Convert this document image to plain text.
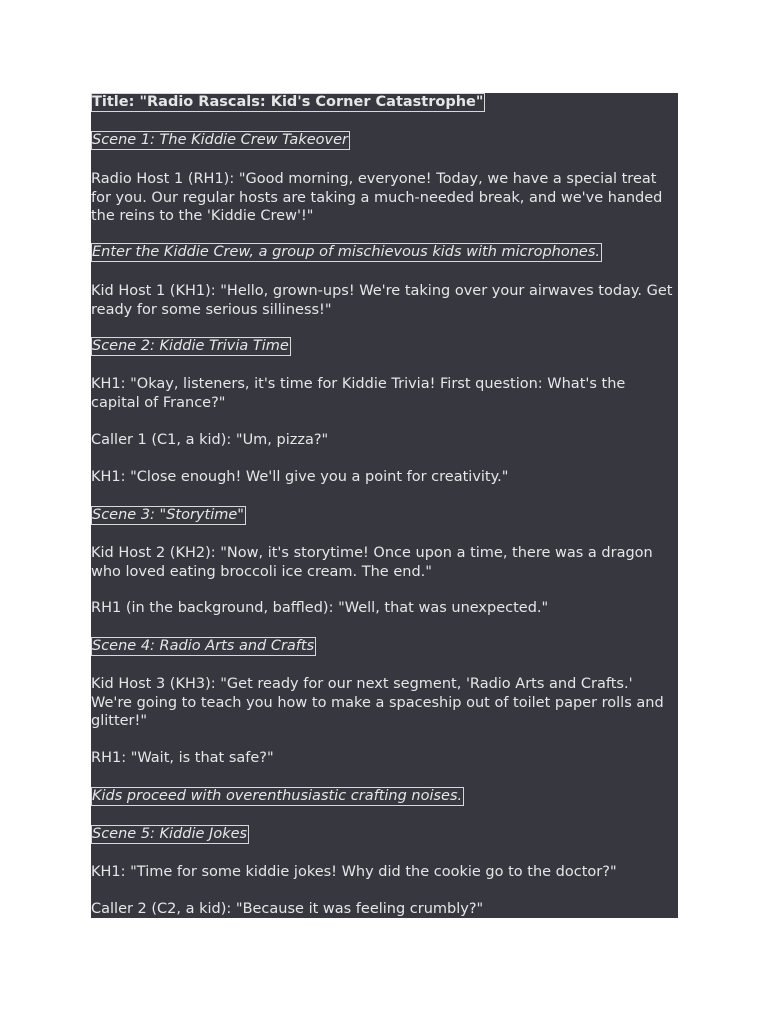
Title: "Radio Rascals: Kid's Corner Catastrophe"

Scene 1: The Kiddie Crew Takeover

Radio Host 1 (RH1): "Good morning, everyone! Today, we have a special treat for you. Our regular hosts are taking a much-needed break, and we've handed the reins to the 'Kiddie Crew'!"

Enter the Kiddie Crew, a group of mischievous kids with microphones.

Kid Host 1 (KH1): "Hello, grown-ups! We're taking over your airwaves today. Get ready for some serious silliness!"

Scene 2: Kiddie Trivia Time

KH1: "Okay, listeners, it's time for Kiddie Trivia! First question: What's the capital of France?"

Caller 1 (C1, a kid): "Um, pizza?"

KH1: "Close enough! We'll give you a point for creativity."

Scene 3: "Storytime"

Kid Host 2 (KH2): "Now, it's storytime! Once upon a time, there was a dragon who loved eating broccoli ice cream. The end."

RH1 (in the background, baffled): "Well, that was unexpected."

Scene 4: Radio Arts and Crafts

Kid Host 3 (KH3): "Get ready for our next segment, 'Radio Arts and Crafts.' We're going to teach you how to make a spaceship out of toilet paper rolls and glitter!"

RH1: "Wait, is that safe?"

Kids proceed with overenthusiastic crafting noises.

Scene 5: Kiddie Jokes

KH1: "Time for some kiddie jokes! Why did the cookie go to the doctor?"

Caller 2 (C2, a kid): "Because it was feeling crumbly?"
